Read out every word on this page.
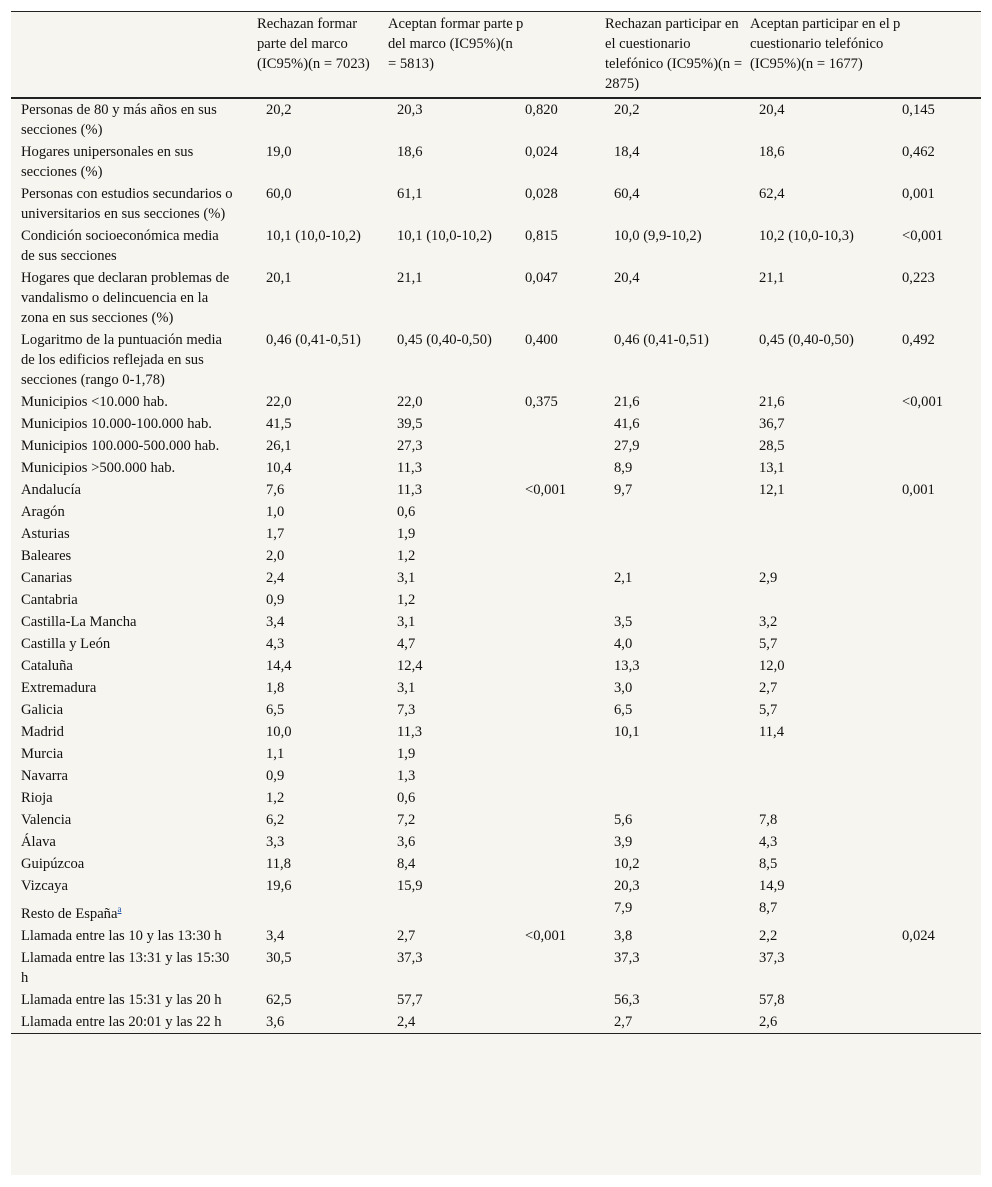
	Rechazan formar parte del marco (IC95%)(n = 7023)	Aceptan formar parte del marco (IC95%)(n = 5813)	p	Rechazan participar en el cuestionario telefónico (IC95%)(n = 2875)	Aceptan participar en el cuestionario telefónico (IC95%)(n = 1677)	p
Personas de 80 y más años en sus secciones (%)	20,2	20,3	0,820	20,2	20,4	0,145
Hogares unipersonales en sus secciones (%)	19,0	18,6	0,024	18,4	18,6	0,462
Personas con estudios secundarios o universitarios en sus secciones (%)	60,0	61,1	0,028	60,4	62,4	0,001
Condición socioeconómica media de sus secciones	10,1 (10,0-10,2)	10,1 (10,0-10,2)	0,815	10,0 (9,9-10,2)	10,2 (10,0-10,3)	<0,001
Hogares que declaran problemas de vandalismo o delincuencia en la zona en sus secciones (%)	20,1	21,1	0,047	20,4	21,1	0,223
Logaritmo de la puntuación media de los edificios reflejada en sus secciones (rango 0-1,78)	0,46 (0,41-0,51)	0,45 (0,40-0,50)	0,400	0,46 (0,41-0,51)	0,45 (0,40-0,50)	0,492
Municipios <10.000 hab.	22,0	22,0	0,375	21,6	21,6	<0,001
Municipios 10.000-100.000 hab.	41,5	39,5		41,6	36,7	
Municipios 100.000-500.000 hab.	26,1	27,3		27,9	28,5	
Municipios >500.000 hab.	10,4	11,3		8,9	13,1	
Andalucía	7,6	11,3	<0,001	9,7	12,1	0,001
Aragón	1,0	0,6				
Asturias	1,7	1,9				
Baleares	2,0	1,2				
Canarias	2,4	3,1		2,1	2,9	
Cantabria	0,9	1,2				
Castilla-La Mancha	3,4	3,1		3,5	3,2	
Castilla y León	4,3	4,7		4,0	5,7	
Cataluña	14,4	12,4		13,3	12,0	
Extremadura	1,8	3,1		3,0	2,7	
Galicia	6,5	7,3		6,5	5,7	
Madrid	10,0	11,3		10,1	11,4	
Murcia	1,1	1,9				
Navarra	0,9	1,3				
Rioja	1,2	0,6				
Valencia	6,2	7,2		5,6	7,8	
Álava	3,3	3,6		3,9	4,3	
Guipúzcoa	11,8	8,4		10,2	8,5	
Vizcaya	19,6	15,9		20,3	14,9	
Resto de España$^a$				7,9	8,7	
Llamada entre las 10 y las 13:30 h	3,4	2,7	<0,001	3,8	2,2	0,024
Llamada entre las 13:31 y las 15:30 h	30,5	37,3		37,3	37,3	
Llamada entre las 15:31 y las 20 h	62,5	57,7		56,3	57,8	
Llamada entre las 20:01 y las 22 h	3,6	2,4		2,7	2,6	
